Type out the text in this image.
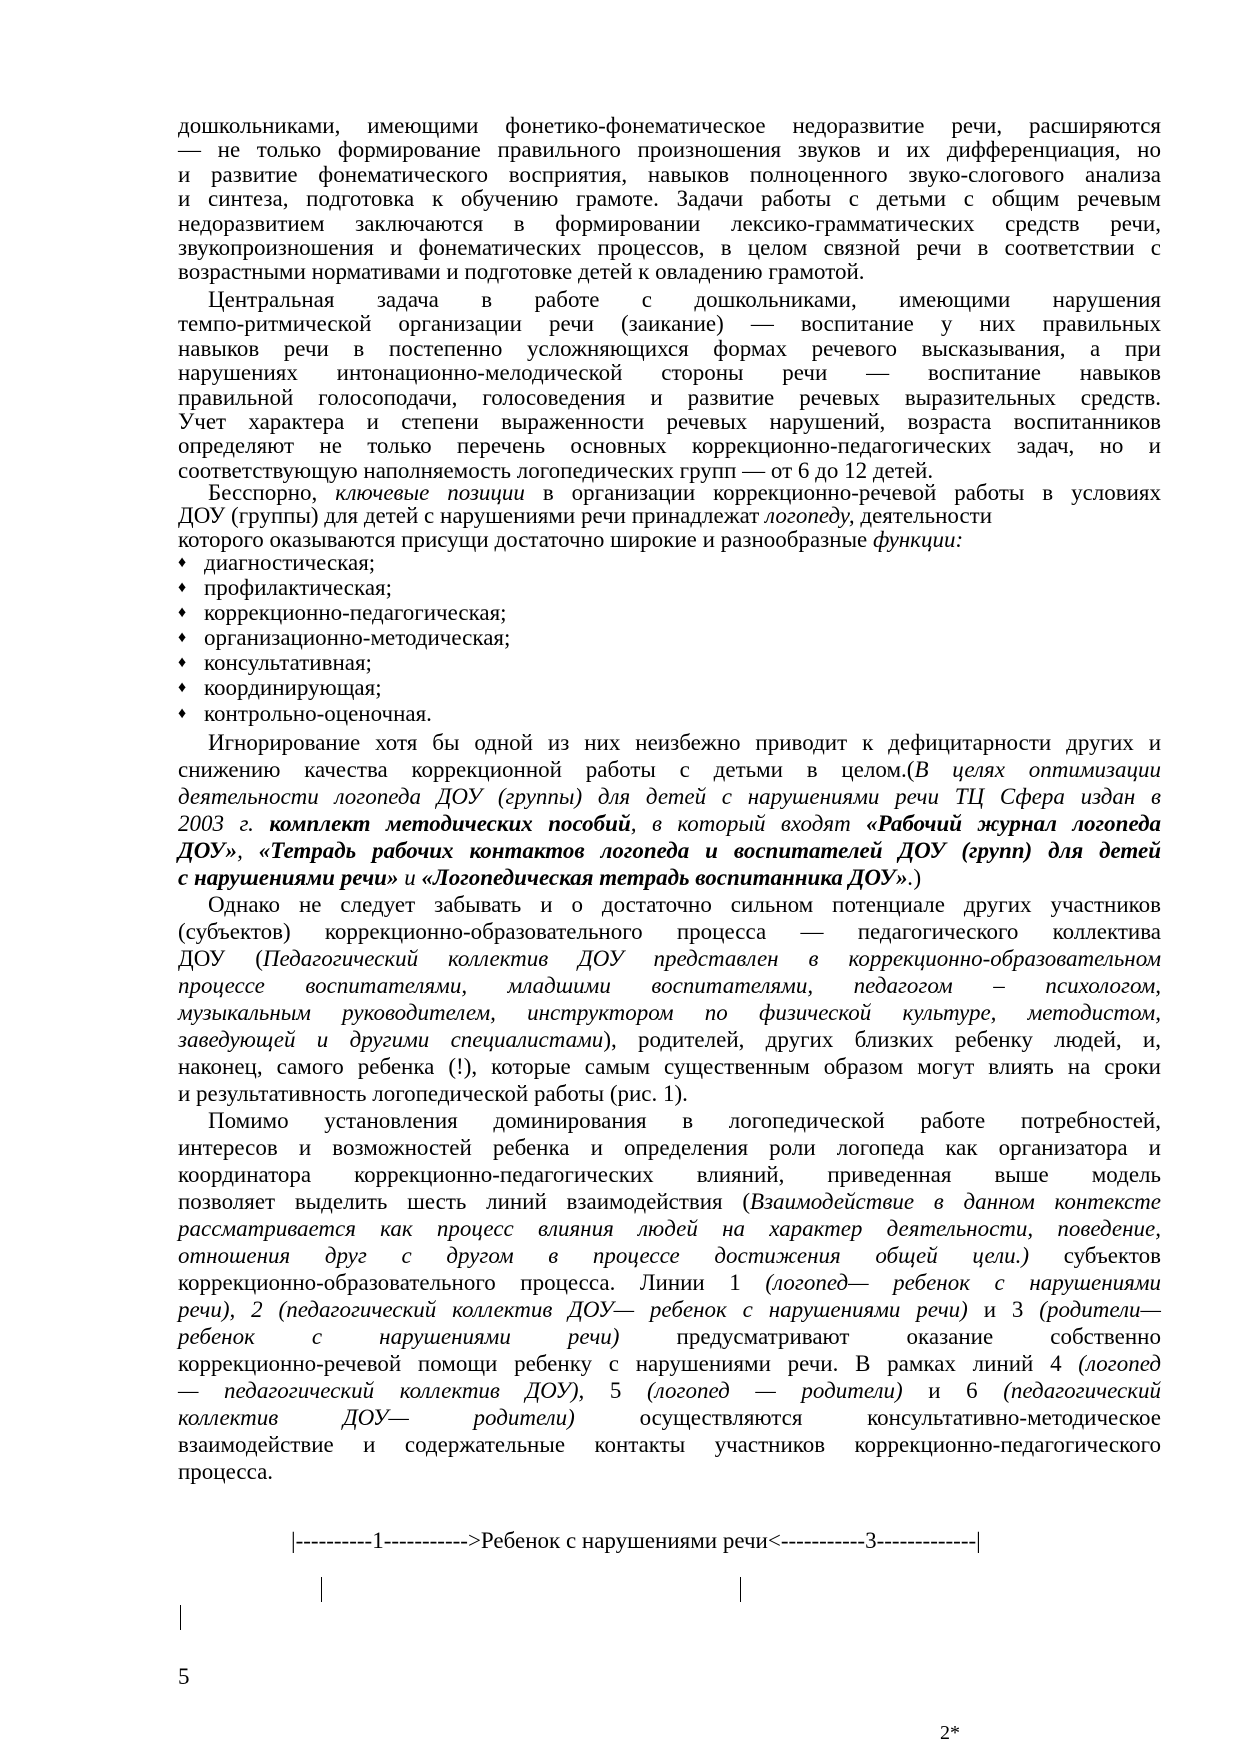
дошкольниками, имеющими фонетико-фонематическое недоразвитие речи, расширяются
— не только формирование правильного произношения звуков и их дифференциация, но
и развитие фонематического восприятия, навыков полноценного звуко-слогового анализа
и синтеза, подготовка к обучению грамоте. Задачи работы с детьми с общим речевым
недоразвитием заключаются в формировании лексико-грамматических средств речи,
звукопроизношения и фонематических процессов, в целом связной речи в соответствии с
возрастными нормативами и подготовке детей к овладению грамотой.
Центральная задача в работе с дошкольниками, имеющими нарушения
темпо-ритмической организации речи (заикание) — воспитание у них правильных
навыков речи в постепенно усложняющихся формах речевого высказывания, а при
нарушениях интонационно-мелодической стороны речи — воспитание навыков
правильной голосоподачи, голосоведения и развитие речевых выразительных средств.
Учет характера и степени выраженности речевых нарушений, возраста воспитанников
определяют не только перечень основных коррекционно-педагогических задач, но и
соответствующую наполняемость логопедических групп — от 6 до 12 детей.
Бесспорно, ключевые позиции в организации коррекционно-речевой работы в условиях
ДОУ (группы) для детей с нарушениями речи принадлежат логопеду, деятельности
которого оказываются присущи достаточно широкие и разнообразные функции:
♦ диагностическая;
♦ профилактическая;
♦ коррекционно-педагогическая;
♦ организационно-методическая;
♦ консультативная;
♦ координирующая;
♦ контрольно-оценочная.
Игнорирование хотя бы одной из них неизбежно приводит к дефицитарности других и
снижению качества коррекционной работы с детьми в целом.(В целях оптимизации
деятельности логопеда ДОУ (группы) для детей с нарушениями речи ТЦ Сфера издан в
2003 г. комплект методических пособий, в который входят «Рабочий журнал логопеда
ДОУ», «Тетрадь рабочих контактов логопеда и воспитателей ДОУ (групп) для детей
с нарушениями речи» и «Логопедическая тетрадь воспитанника ДОУ».)
Однако не следует забывать и о достаточно сильном потенциале других участников
(субъектов) коррекционно-образовательного процесса — педагогического коллектива
ДОУ (Педагогический коллектив ДОУ представлен в коррекционно-образовательном
процессе воспитателями, младшими воспитателями, педагогом – психологом,
музыкальным руководителем, инструктором по физической культуре, методистом,
заведующей и другими специалистами), родителей, других близких ребенку людей, и,
наконец, самого ребенка (!), которые самым существенным образом могут влиять на сроки
и результативность логопедической работы (рис. 1).
Помимо установления доминирования в логопедической работе потребностей,
интересов и возможностей ребенка и определения роли логопеда как организатора и
координатора коррекционно-педагогических влияний, приведенная выше модель
позволяет выделить шесть линий взаимодействия (Взаимодействие в данном контексте
рассматривается как процесс влияния людей на характер деятельности, поведение,
отношения друг с другом в процессе достижения общей цели.) субъектов
коррекционно-образовательного процесса. Линии 1 (логопед— ребенок с нарушениями
речи), 2 (педагогический коллектив ДОУ— ребенок с нарушениями речи) и 3 (родители—
ребенок с нарушениями речи) предусматривают оказание собственно
коррекционно-речевой помощи ребенку с нарушениями речи. В рамках линий 4 (логопед
— педагогический коллектив ДОУ), 5 (логопед — родители) и 6 (педагогический
коллектив ДОУ— родители) осуществляются консультативно-методическое
взаимодействие и содержательные контакты участников коррекционно-педагогического
процесса.
|----------1----------->Ребенок с нарушениями речи<-----------3-------------|
5
2*
